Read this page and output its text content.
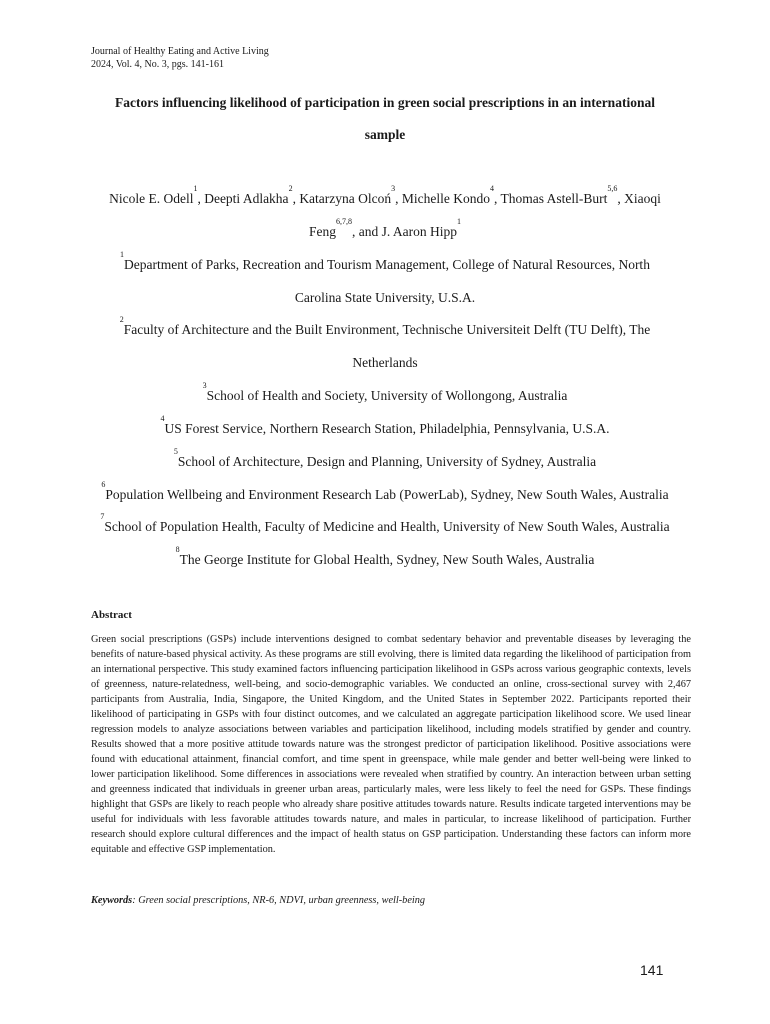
Journal of Healthy Eating and Active Living
2024, Vol. 4, No. 3, pgs. 141-161
Factors influencing likelihood of participation in green social prescriptions in an international
sample
Nicole E. Odell$^1$, Deepti Adlakha$^2$, Katarzyna Olcoń$^3$, Michelle Kondo$^4$, Thomas Astell-Burt$^{5,6}$, Xiaoqi
Feng$^{6,7,8}$, and J. Aaron Hipp$^1$
$^1$Department of Parks, Recreation and Tourism Management, College of Natural Resources, North
Carolina State University, U.S.A.
$^2$Faculty of Architecture and the Built Environment, Technische Universiteit Delft (TU Delft), The
Netherlands
$^3$School of Health and Society, University of Wollongong, Australia
$^4$US Forest Service, Northern Research Station, Philadelphia, Pennsylvania, U.S.A.
$^5$School of Architecture, Design and Planning, University of Sydney, Australia
$^6$Population Wellbeing and Environment Research Lab (PowerLab), Sydney, New South Wales, Australia
$^7$School of Population Health, Faculty of Medicine and Health, University of New South Wales, Australia
$^8$The George Institute for Global Health, Sydney, New South Wales, Australia
Abstract
Green social prescriptions (GSPs) include interventions designed to combat sedentary behavior and preventable diseases by leveraging the benefits of nature-based physical activity. As these programs are still evolving, there is limited data regarding the likelihood of participation from an international perspective. This study examined factors influencing participation likelihood in GSPs across various geographic contexts, levels of greenness, nature-relatedness, well-being, and socio-demographic variables. We conducted an online, cross-sectional survey with 2,467 participants from Australia, India, Singapore, the United Kingdom, and the United States in September 2022. Participants reported their likelihood of participating in GSPs with four distinct outcomes, and we calculated an aggregate participation likelihood score. We used linear regression models to analyze associations between variables and participation likelihood, including models stratified by gender and country. Results showed that a more positive attitude towards nature was the strongest predictor of participation likelihood. Positive associations were found with educational attainment, financial comfort, and time spent in greenspace, while male gender and better well-being were linked to lower participation likelihood. Some differences in associations were revealed when stratified by country. An interaction between urban setting and greenness indicated that individuals in greener urban areas, particularly males, were less likely to feel the need for GSPs. These findings highlight that GSPs are likely to reach people who already share positive attitudes towards nature. Results indicate targeted interventions may be useful for individuals with less favorable attitudes towards nature, and males in particular, to increase likelihood of participation. Further research should explore cultural differences and the impact of health status on GSP participation. Understanding these factors can inform more equitable and effective GSP implementation.
Keywords: Green social prescriptions, NR-6, NDVI, urban greenness, well-being
141
